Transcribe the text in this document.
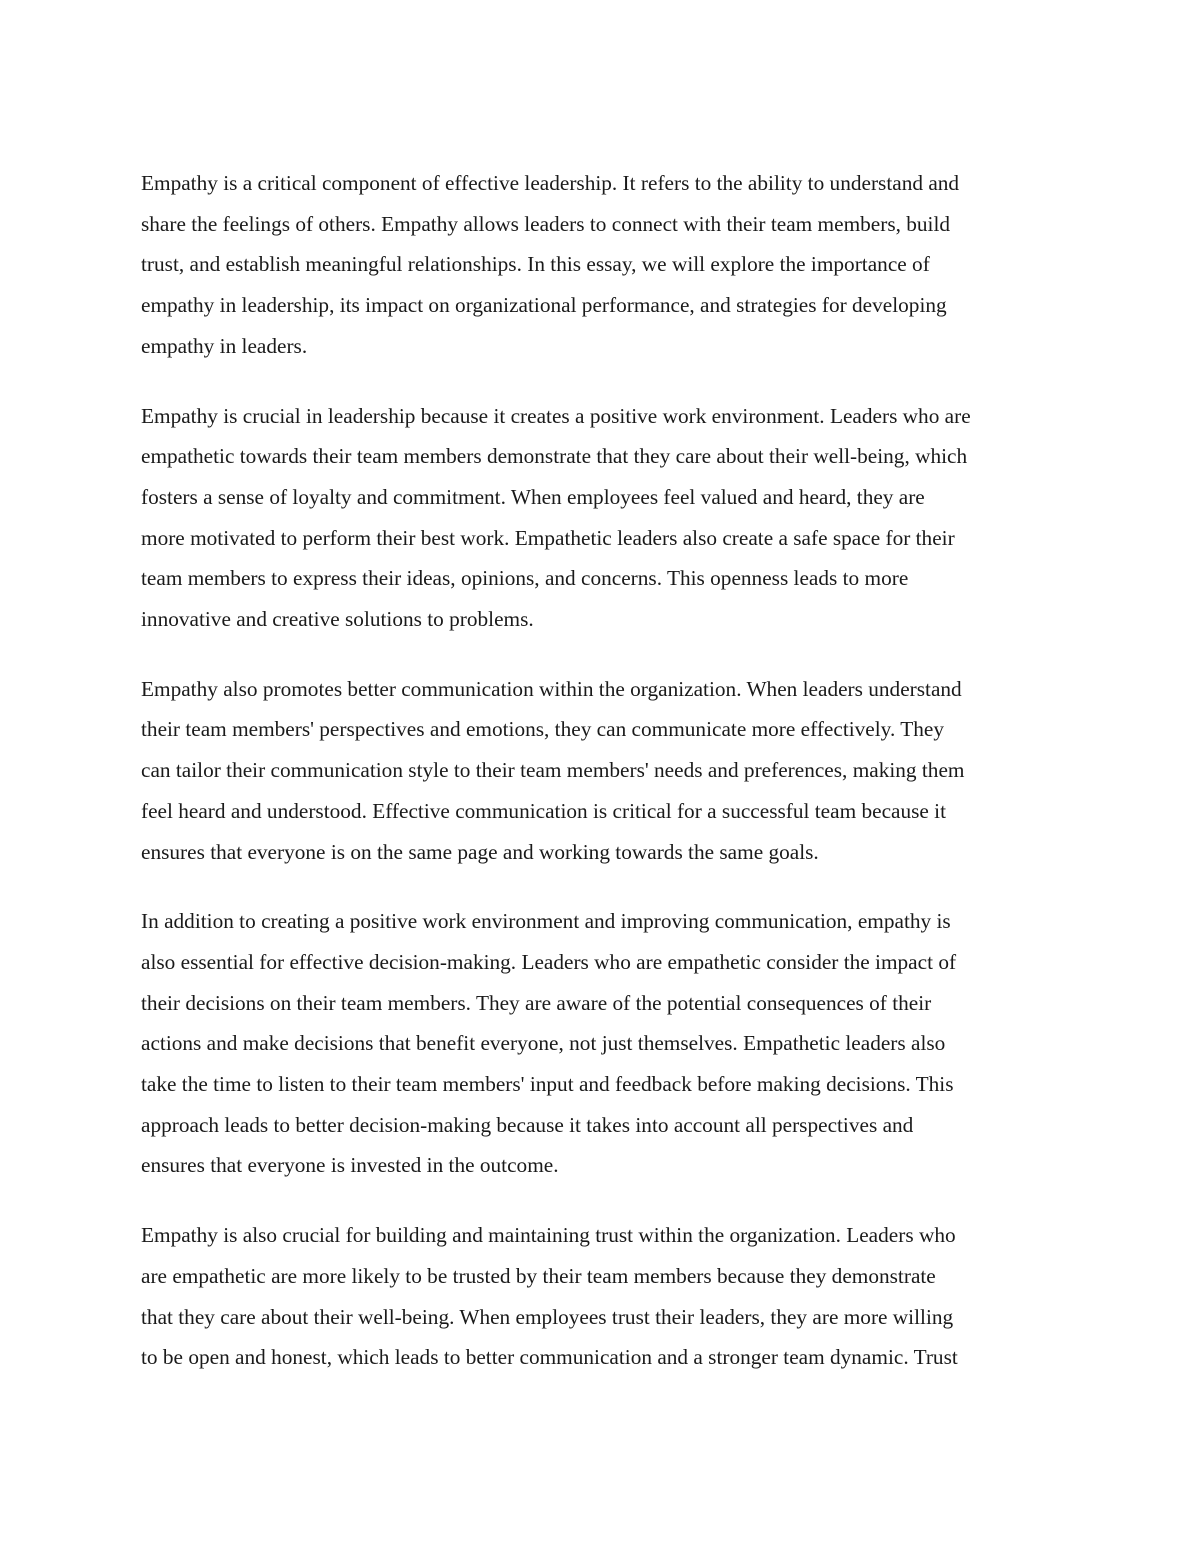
Empathy is a critical component of effective leadership. It refers to the ability to understand and
share the feelings of others. Empathy allows leaders to connect with their team members, build
trust, and establish meaningful relationships. In this essay, we will explore the importance of
empathy in leadership, its impact on organizational performance, and strategies for developing
empathy in leaders.

Empathy is crucial in leadership because it creates a positive work environment. Leaders who are
empathetic towards their team members demonstrate that they care about their well-being, which
fosters a sense of loyalty and commitment. When employees feel valued and heard, they are
more motivated to perform their best work. Empathetic leaders also create a safe space for their
team members to express their ideas, opinions, and concerns. This openness leads to more
innovative and creative solutions to problems.

Empathy also promotes better communication within the organization. When leaders understand
their team members' perspectives and emotions, they can communicate more effectively. They
can tailor their communication style to their team members' needs and preferences, making them
feel heard and understood. Effective communication is critical for a successful team because it
ensures that everyone is on the same page and working towards the same goals.

In addition to creating a positive work environment and improving communication, empathy is
also essential for effective decision-making. Leaders who are empathetic consider the impact of
their decisions on their team members. They are aware of the potential consequences of their
actions and make decisions that benefit everyone, not just themselves. Empathetic leaders also
take the time to listen to their team members' input and feedback before making decisions. This
approach leads to better decision-making because it takes into account all perspectives and
ensures that everyone is invested in the outcome.

Empathy is also crucial for building and maintaining trust within the organization. Leaders who
are empathetic are more likely to be trusted by their team members because they demonstrate
that they care about their well-being. When employees trust their leaders, they are more willing
to be open and honest, which leads to better communication and a stronger team dynamic. Trust
